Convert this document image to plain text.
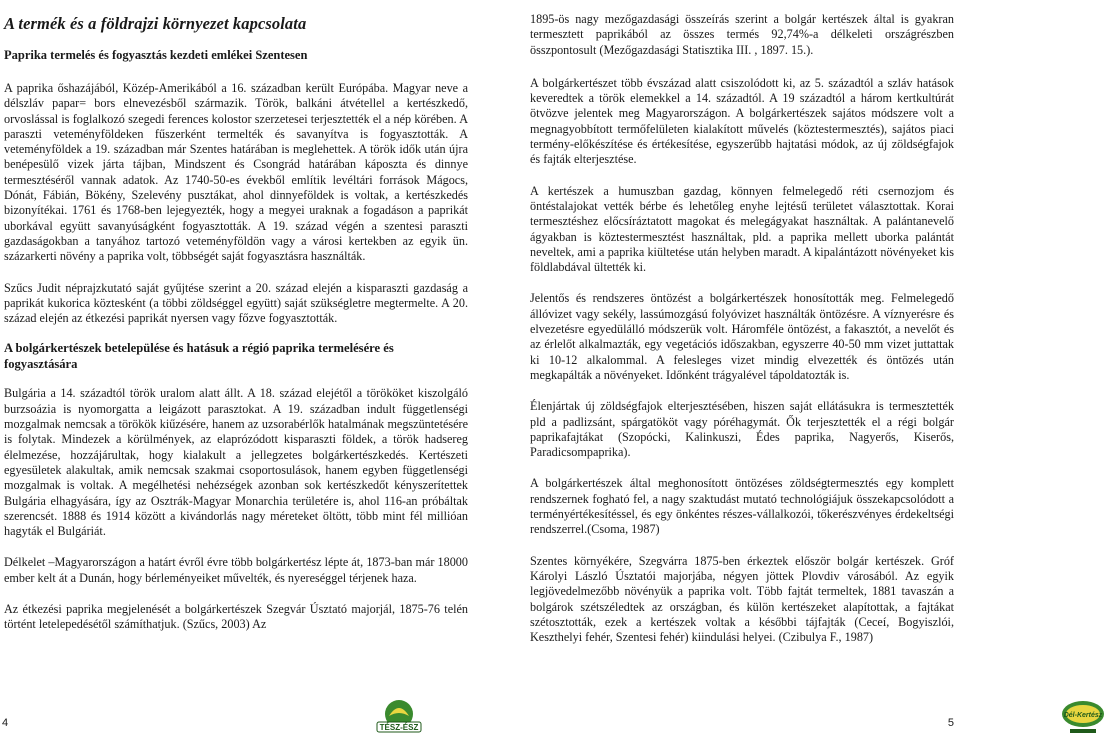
A termék és a földrajzi környezet kapcsolata
Paprika termelés és fogyasztás kezdeti emlékei Szentesen

A paprika őshazájából, Közép-Amerikából a 16. században került Európába. Magyar neve a délszláv papar= bors elnevezésből származik. Török, balkáni átvétellel a kertészkedő, orvoslással is foglalkozó szegedi ferences kolostor szerzetesei terjesztették el a nép körében. A paraszti veteményföldeken fűszerként termelték és savanyítva is fogyasztották. A veteményföldek a 19. században már Szentes határában is meglehettek. A török idők után újra benépesülő vizek járta tájban, Mindszent és Csongrád határában káposzta és dinnye termesztéséről vannak adatok. Az 1740-50-es évekből említik levéltári források Mágocs, Dónát, Fábián, Bökény, Szelevény pusztákat, ahol dinnyeföldek is voltak, a kertészkedés bizonyítékai. 1761 és 1768-ben lejegyezték, hogy a megyei uraknak a fogadáson a paprikát uborkával együtt savanyúságként fogyasztották. A 19. század végén a szentesi paraszti gazdaságokban a tanyához tartozó veteményföldön vagy a városi kertekben az egyik ün. százarkerti növény a paprika volt, többségét saját fogyasztásra használták.

Szűcs Judit néprajzkutató saját gyűjtése szerint a 20. század elején a kisparaszti gazdaság a paprikát kukorica köztesként (a többi zöldséggel együtt) saját szükségletre megtermelte. A 20. század elején az étkezési paprikát nyersen vagy főzve fogyasztották.

A bolgárkertészek betelepülése és hatásuk a régió paprika termelésére és fogyasztására

Bulgária a 14. századtól török uralom alatt állt. A 18. század elejétől a törököket kiszolgáló burzsoázia is nyomorgatta a leigázott parasztokat. A 19. században indult függetlenségi mozgalmak nemcsak a törökök kiűzésére, hanem az uzsorabérlők hatalmának megszüntetésére is folytak. Mindezek a körülmények, az elaprózódott kisparaszti földek, a török hadsereg élelmezése, hozzájárultak, hogy kialakult a jellegzetes bolgárkertészkedés. Kertészeti egyesületek alakultak, amik nemcsak szakmai csoportosulások, hanem egyben függetlenségi mozgalmak is voltak. A megélhetési nehézségek azonban sok kertészkedőt kényszerítettek Bulgária elhagyására, így az Osztrák-Magyar Monarchia területére is, ahol 116-an próbáltak szerencsét. 1888 és 1914 között a kivándorlás nagy méreteket öltött, több mint fél millióan hagyták el Bulgáriát.

Délkelet –Magyarországon a határt évről évre több bolgárkertész lépte át, 1873-ban már 18000 ember kelt át a Dunán, hogy bérleményeiket művelték, és nyereséggel térjenek haza.

Az étkezési paprika megjelenését a bolgárkertészek Szegvár Úsztató majorjál, 1875-76 telén történt letelepedésétől számíthatjuk. (Szűcs, 2003) Az

4	TÉSZ-ÉSZ

1895-ös nagy mezőgazdasági összeírás szerint a bolgár kertészek által is gyakran termesztett paprikából az összes termés 92,74%-a délkeleti országrészben összpontosult (Mezőgazdasági Statisztika III. , 1897. 15.).

A bolgárkertészet több évszázad alatt csiszolódott ki, az 5. századtól a szláv hatások keveredtek a török elemekkel a 14. századtól. A 19 századtól a három kertkultúrát ötvözve jelentek meg Magyarországon. A bolgárkertészek sajátos módszere volt a megnagyobbított termőfelületen kialakított művelés (köztestermesztés), sajátos piaci termény-előkészítése és értékesítése, egyszerűbb hajtatási módok, az új zöldségfajok és fajták elterjesztése.

A kertészek a humuszban gazdag, könnyen felmelegedő réti csernozjom és öntéstalajokat vették bérbe és lehetőleg enyhe lejtésű területet választottak. Korai termesztéshez előcsíráztatott magokat és melegágyakat használtak. A palántanevelő ágyakban is köztestermesztést használtak, pld. a paprika mellett uborka palántát neveltek, ami a paprika kiültetése után helyben maradt. A kipalántázott növényeket kis földlabdával ültették ki.

Jelentős és rendszeres öntözést a bolgárkertészek honosították meg. Felmelegedő állóvizet vagy sekély, lassúmozgású folyóvizet használták öntözésre. A víznyerésre és elvezetésre egyedülálló módszerük volt. Háromféle öntözést, a fakasztót, a nevelőt és az érlelőt alkalmazták, egy vegetációs időszakban, egyszerre 40-50 mm vizet juttattak ki 10-12 alkalommal. A felesleges vizet mindig elvezették és öntözés után megkapálták a növényeket. Időnként trágyalével tápoldatozták is.

Élenjártak új zöldségfajok elterjesztésében, hiszen saját ellátásukra is termesztették pld a padlizsánt, spárgatököt vagy póréhagymát. Ők terjesztették el a régi bolgár paprikafajtákat (Szopócki, Kalinkuszi, Édes paprika, Nagyerős, Kiserős, Paradicsompaprika).

A bolgárkertészek által meghonosított öntözéses zöldségtermesztés egy komplett rendszernek fogható fel, a nagy szaktudást mutató technológiájuk összekapcsolódott a terményértékesítéssel, és egy önkéntes részes-vállalkozói, tőkerészvényes érdekeltségi rendszerrel.(Csoma, 1987)

Szentes környékére, Szegvárra 1875-ben érkeztek először bolgár kertészek. Gróf Károlyi László Úsztatói majorjába, négyen jöttek Plovdiv városából. Az egyik legjövedelmezőbb növényük a paprika volt. Több fajtát termeltek, 1881 tavaszán a bolgárok szétszéledtek az országban, és külön kertészeket alapítottak, a fajtákat szétosztották, ezek a kertészek voltak a későbbi tájfajták (Ceceí, Bogyiszlói, Keszthelyi fehér, Szentesi fehér) kiindulási helyei. (Czibulya F., 1987)

5
Dél-Kertész
